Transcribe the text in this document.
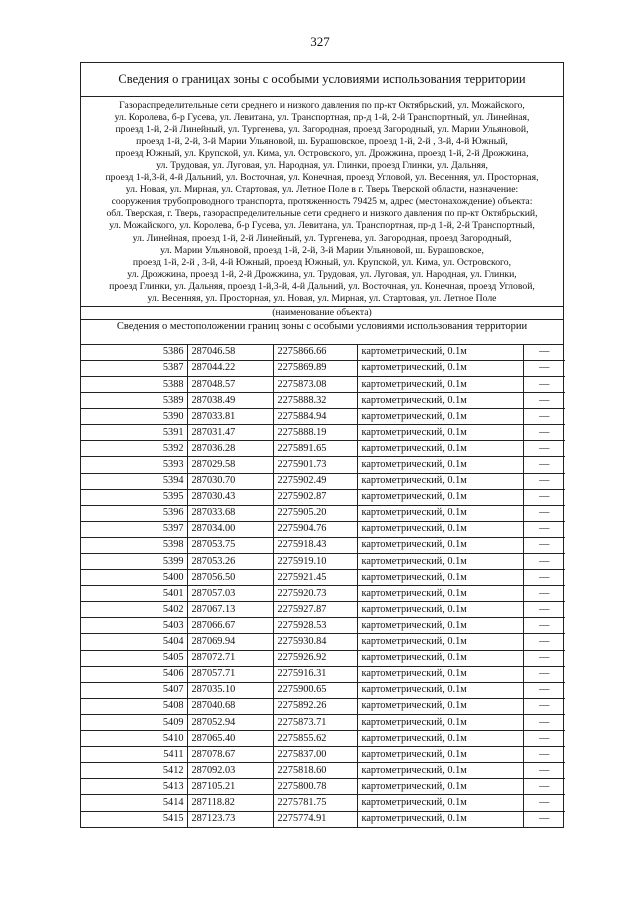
327
Сведения о границах зоны с особыми условиями использования территории
Газораспределительные сети среднего и низкого давления по пр-кт Октябрьский, ул. Можайского,
ул. Королева, б-р Гусева, ул. Левитана, ул. Транспортная, пр-д 1-й, 2-й Транспортный, ул. Линейная,
проезд 1-й, 2-й Линейный, ул. Тургенева, ул. Загородная, проезд Загородный, ул. Марии Ульяновой,
проезд 1-й, 2-й, 3-й Марии Ульяновой, ш. Бурашовское, проезд 1-й, 2-й , 3-й, 4-й Южный,
проезд Южный, ул. Крупской, ул. Кима, ул. Островского, ул. Дрожжина, проезд 1-й, 2-й Дрожжина,
ул. Трудовая, ул. Луговая, ул. Народная, ул. Глинки, проезд Глинки, ул. Дальняя,
проезд 1-й,3-й, 4-й Дальний, ул. Восточная, ул. Конечная, проезд Угловой, ул. Весенняя, ул. Просторная,
ул. Новая, ул. Мирная, ул. Стартовая, ул. Летное Поле в г. Тверь Тверской области, назначение:
сооружения трубопроводного транспорта, протяженность 79425 м, адрес (местонахождение) объекта:
обл. Тверская, г. Тверь, газораспределительные сети среднего и низкого давления по пр-кт Октябрьский,
ул. Можайского, ул. Королева, б-р Гусева, ул. Левитана, ул. Транспортная, пр-д 1-й, 2-й Транспортный,
ул. Линейная, проезд 1-й, 2-й Линейный, ул. Тургенева, ул. Загородная, проезд Загородный,
ул. Марии Ульяновой, проезд 1-й, 2-й, 3-й Марии Ульяновой, ш. Бурашовское,
проезд 1-й, 2-й , 3-й, 4-й Южный, проезд Южный, ул. Крупской, ул. Кима, ул. Островского,
ул. Дрожжина, проезд 1-й, 2-й Дрожжина, ул. Трудовая, ул. Луговая, ул. Народная, ул. Глинки,
проезд Глинки, ул. Дальняя, проезд 1-й,3-й, 4-й Дальний, ул. Восточная, ул. Конечная, проезд Угловой,
ул. Весенняя, ул. Просторная, ул. Новая, ул. Мирная, ул. Стартовая, ул. Летное Поле
(наименование объекта)
Сведения о местоположении границ зоны с особыми условиями использования территории
5386	287046.58	2275866.66	картометрический, 0.1м	—
5387	287044.22	2275869.89	картометрический, 0.1м	—
5388	287048.57	2275873.08	картометрический, 0.1м	—
5389	287038.49	2275888.32	картометрический, 0.1м	—
5390	287033.81	2275884.94	картометрический, 0.1м	—
5391	287031.47	2275888.19	картометрический, 0.1м	—
5392	287036.28	2275891.65	картометрический, 0.1м	—
5393	287029.58	2275901.73	картометрический, 0.1м	—
5394	287030.70	2275902.49	картометрический, 0.1м	—
5395	287030.43	2275902.87	картометрический, 0.1м	—
5396	287033.68	2275905.20	картометрический, 0.1м	—
5397	287034.00	2275904.76	картометрический, 0.1м	—
5398	287053.75	2275918.43	картометрический, 0.1м	—
5399	287053.26	2275919.10	картометрический, 0.1м	—
5400	287056.50	2275921.45	картометрический, 0.1м	—
5401	287057.03	2275920.73	картометрический, 0.1м	—
5402	287067.13	2275927.87	картометрический, 0.1м	—
5403	287066.67	2275928.53	картометрический, 0.1м	—
5404	287069.94	2275930.84	картометрический, 0.1м	—
5405	287072.71	2275926.92	картометрический, 0.1м	—
5406	287057.71	2275916.31	картометрический, 0.1м	—
5407	287035.10	2275900.65	картометрический, 0.1м	—
5408	287040.68	2275892.26	картометрический, 0.1м	—
5409	287052.94	2275873.71	картометрический, 0.1м	—
5410	287065.40	2275855.62	картометрический, 0.1м	—
5411	287078.67	2275837.00	картометрический, 0.1м	—
5412	287092.03	2275818.60	картометрический, 0.1м	—
5413	287105.21	2275800.78	картометрический, 0.1м	—
5414	287118.82	2275781.75	картометрический, 0.1м	—
5415	287123.73	2275774.91	картометрический, 0.1м	—
